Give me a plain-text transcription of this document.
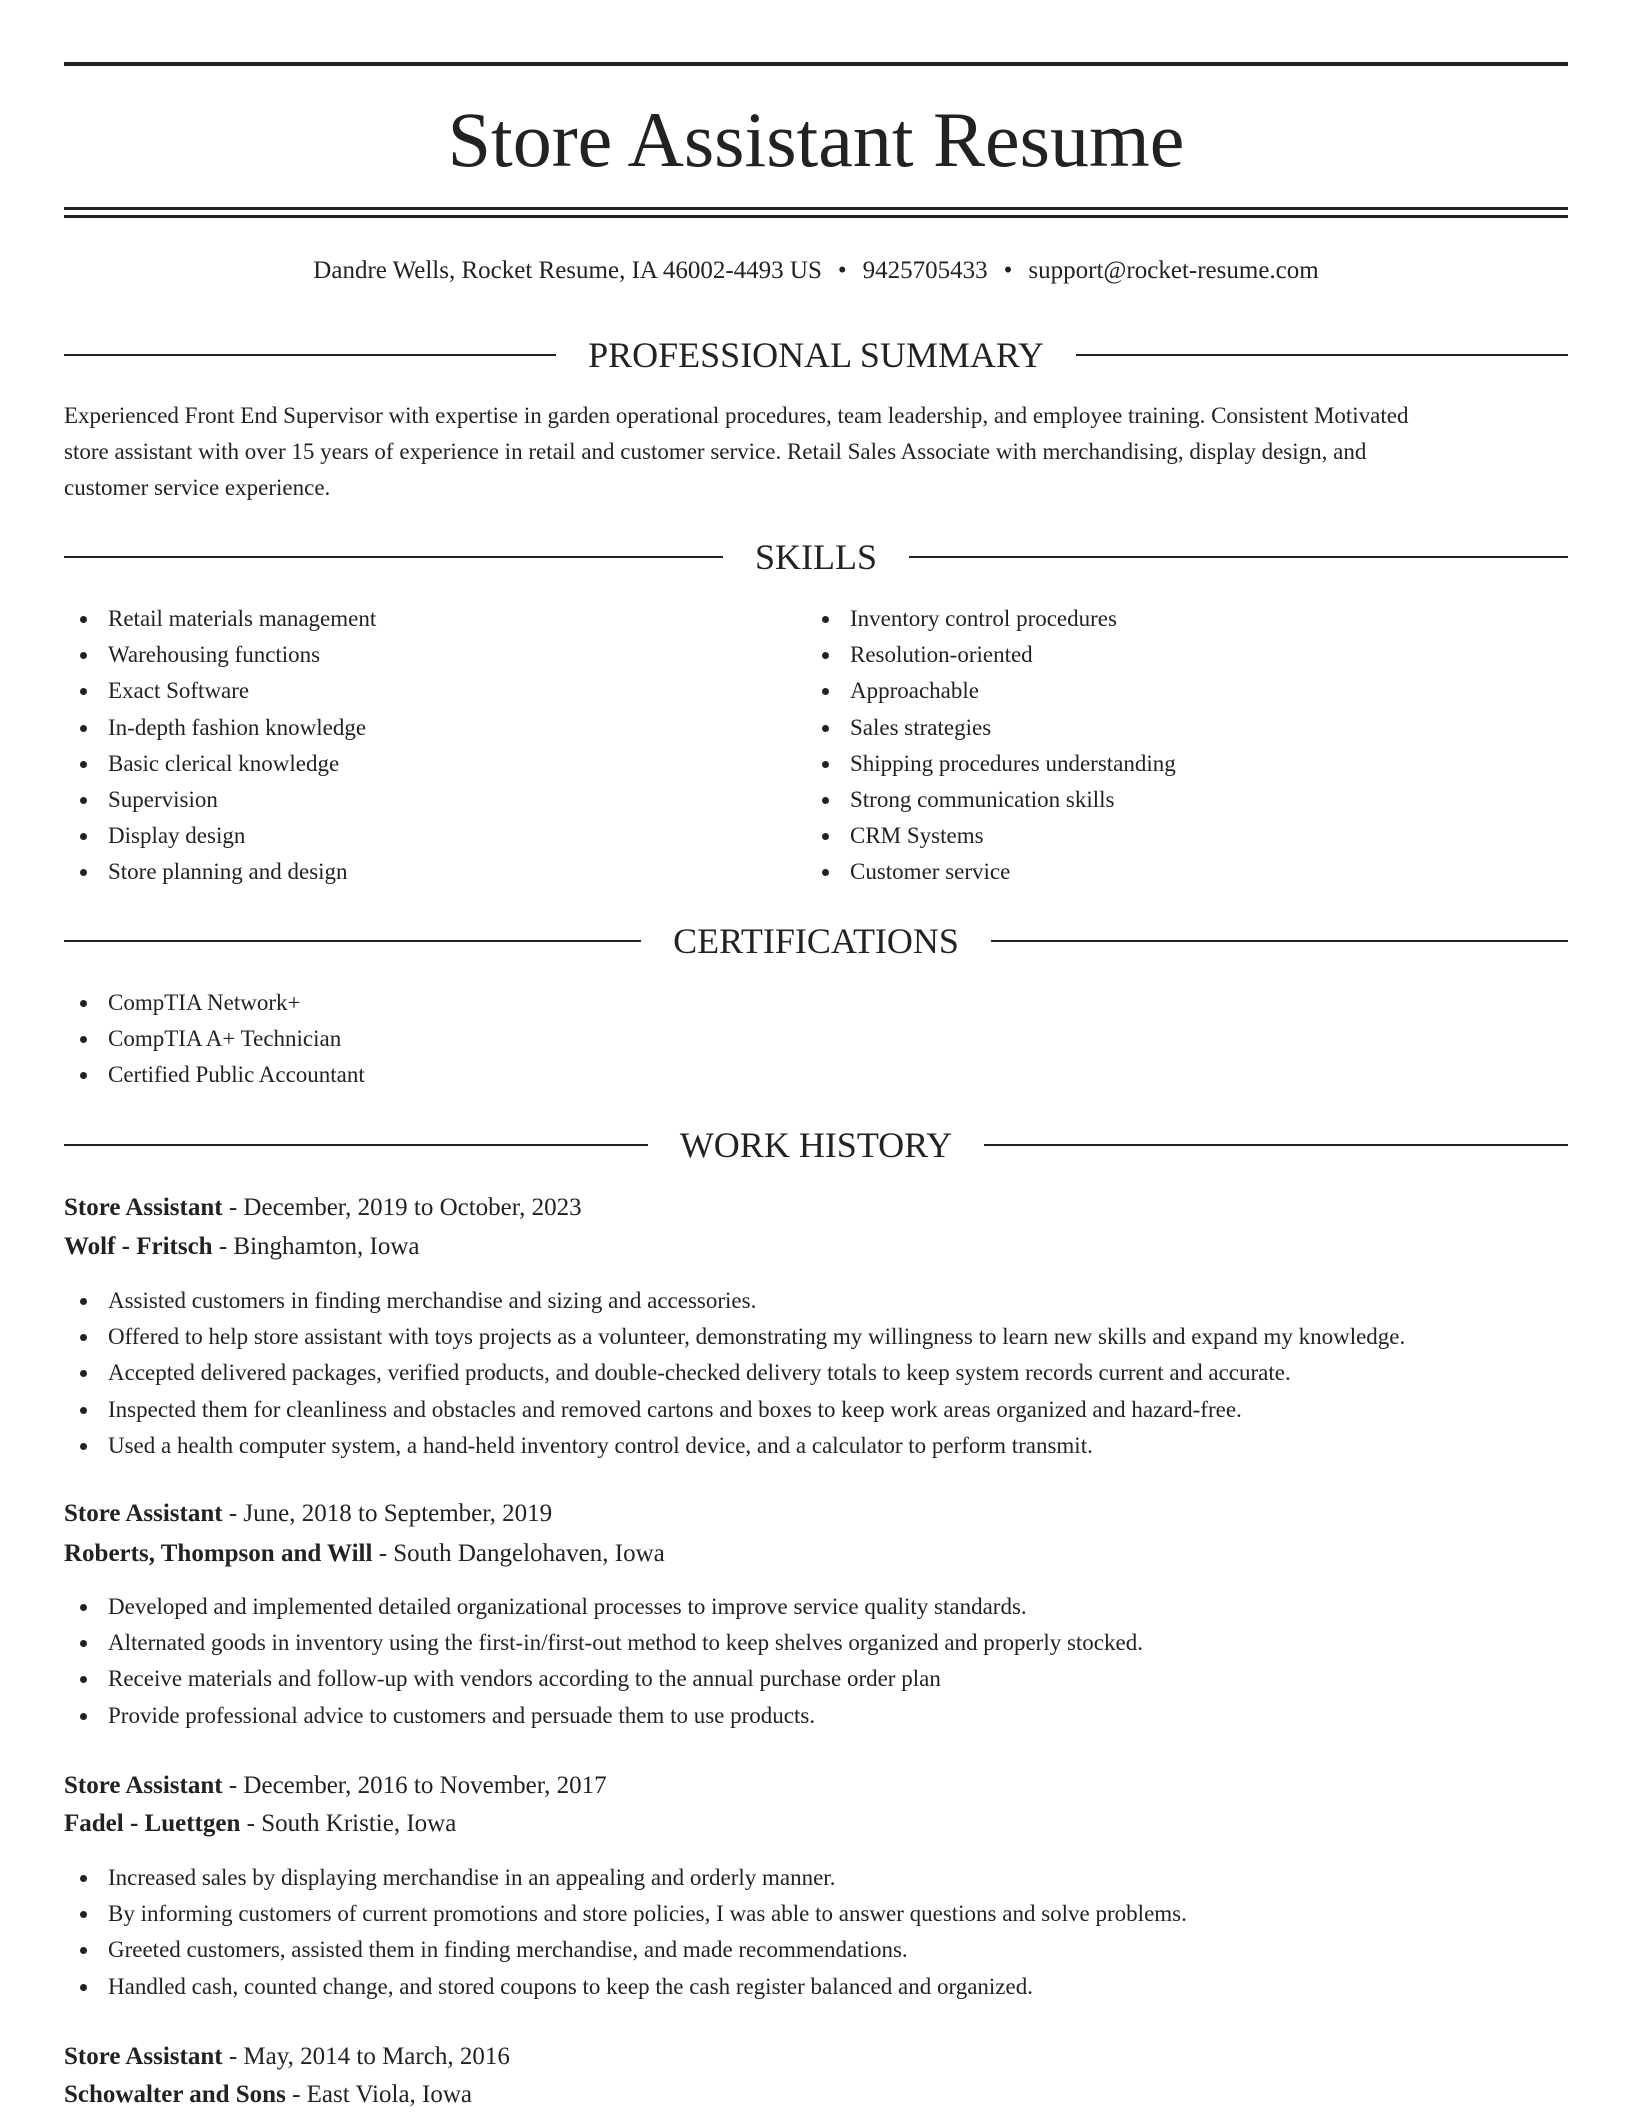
Store Assistant Resume
Dandre Wells, Rocket Resume, IA 46002-4493 US • 9425705433 • support@rocket-resume.com
PROFESSIONAL SUMMARY
Experienced Front End Supervisor with expertise in garden operational procedures, team leadership, and employee training. Consistent Motivated
store assistant with over 15 years of experience in retail and customer service. Retail Sales Associate with merchandising, display design, and
customer service experience.
SKILLS
Retail materials management
Warehousing functions
Exact Software
In-depth fashion knowledge
Basic clerical knowledge
Supervision
Display design
Store planning and design
Inventory control procedures
Resolution-oriented
Approachable
Sales strategies
Shipping procedures understanding
Strong communication skills
CRM Systems
Customer service
CERTIFICATIONS
CompTIA Network+
CompTIA A+ Technician
Certified Public Accountant
WORK HISTORY
Store Assistant - December, 2019 to October, 2023
Wolf - Fritsch - Binghamton, Iowa
Assisted customers in finding merchandise and sizing and accessories.
Offered to help store assistant with toys projects as a volunteer, demonstrating my willingness to learn new skills and expand my knowledge.
Accepted delivered packages, verified products, and double-checked delivery totals to keep system records current and accurate.
Inspected them for cleanliness and obstacles and removed cartons and boxes to keep work areas organized and hazard-free.
Used a health computer system, a hand-held inventory control device, and a calculator to perform transmit.
Store Assistant - June, 2018 to September, 2019
Roberts, Thompson and Will - South Dangelohaven, Iowa
Developed and implemented detailed organizational processes to improve service quality standards.
Alternated goods in inventory using the first-in/first-out method to keep shelves organized and properly stocked.
Receive materials and follow-up with vendors according to the annual purchase order plan
Provide professional advice to customers and persuade them to use products.
Store Assistant - December, 2016 to November, 2017
Fadel - Luettgen - South Kristie, Iowa
Increased sales by displaying merchandise in an appealing and orderly manner.
By informing customers of current promotions and store policies, I was able to answer questions and solve problems.
Greeted customers, assisted them in finding merchandise, and made recommendations.
Handled cash, counted change, and stored coupons to keep the cash register balanced and organized.
Store Assistant - May, 2014 to March, 2016
Schowalter and Sons - East Viola, Iowa
